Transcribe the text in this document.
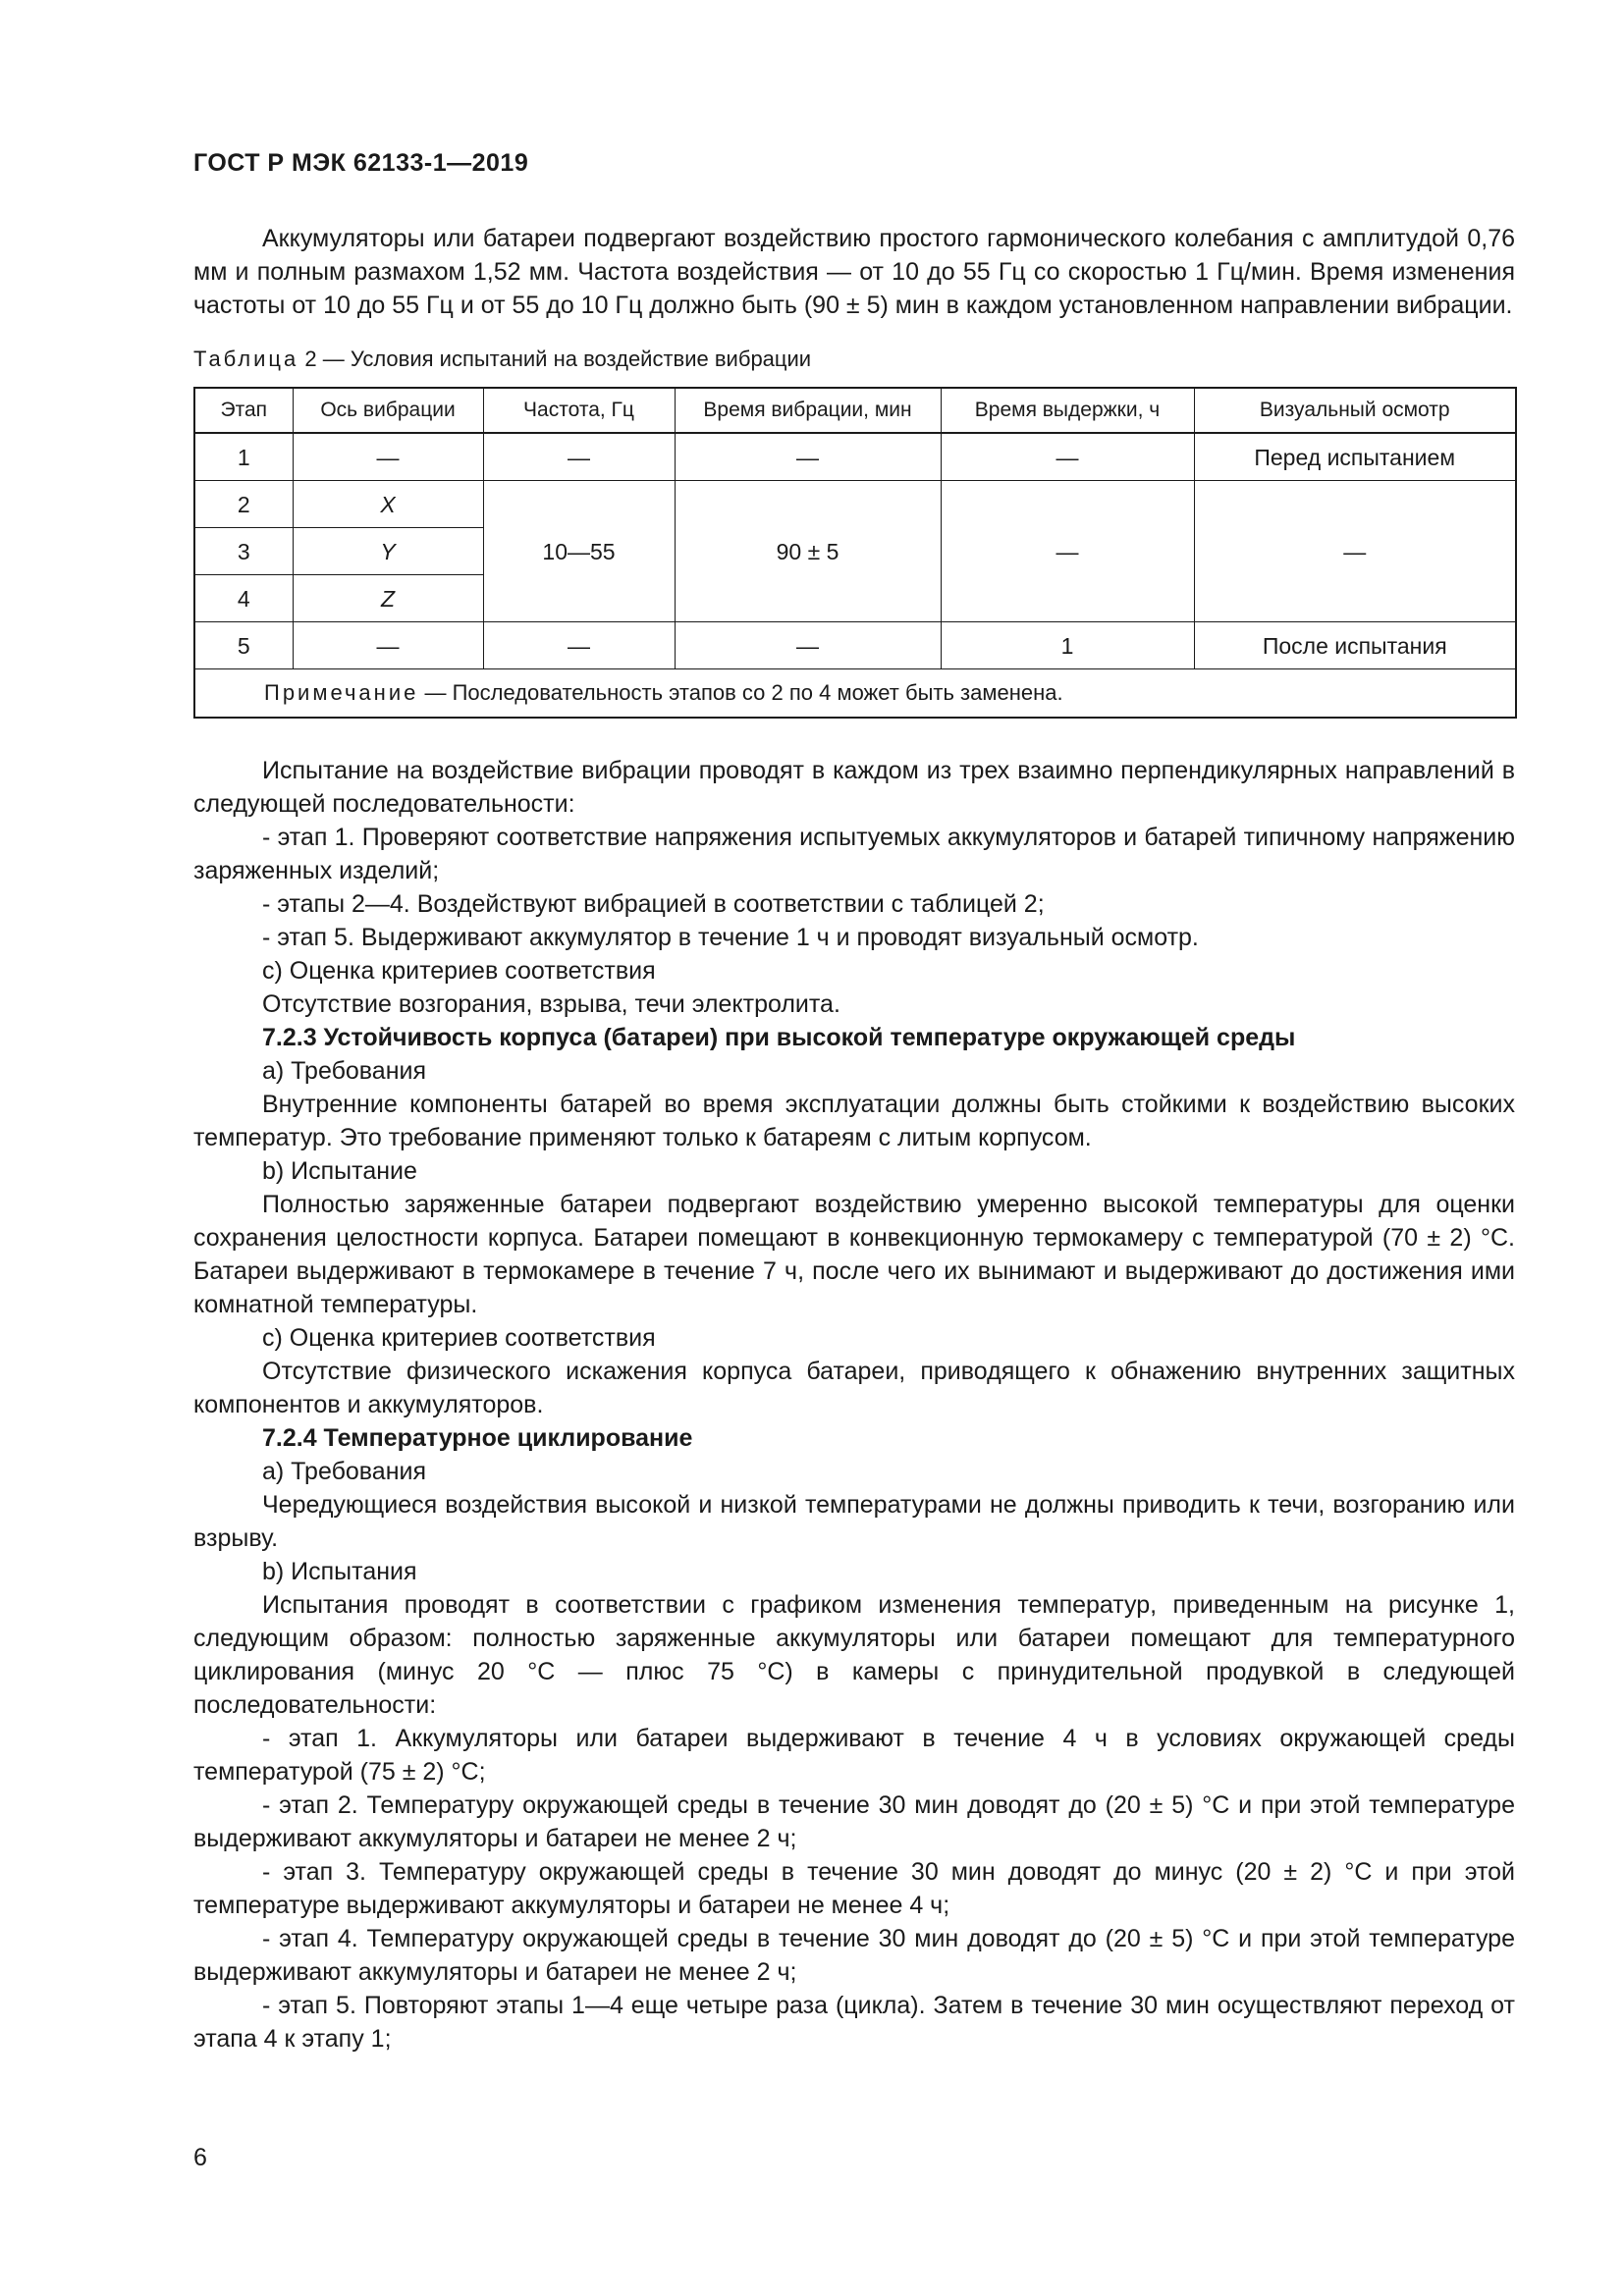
ГОСТ Р МЭК 62133-1—2019

Аккумуляторы или батареи подвергают воздействию простого гармонического колебания с амплитудой 0,76 мм и полным размахом 1,52 мм. Частота воздействия — от 10 до 55 Гц со скоростью 1 Гц/мин. Время изменения частоты от 10 до 55 Гц и от 55 до 10 Гц должно быть (90 ± 5) мин в каждом установленном направлении вибрации.

Таблица 2 — Условия испытаний на воздействие вибрации
Этап	Ось вибрации	Частота, Гц	Время вибрации, мин	Время выдержки, ч	Визуальный осмотр
1	—	—	—	—	Перед испытанием
2	X	10—55	90 ± 5	—	—
3	Y				
4	Z				
5	—	—	—	1	После испытания
Примечание — Последовательность этапов со 2 по 4 может быть заменена.					

Испытание на воздействие вибрации проводят в каждом из трех взаимно перпендикулярных направлений в следующей последовательности:

- этап 1. Проверяют соответствие напряжения испытуемых аккумуляторов и батарей типичному напряжению заряженных изделий;

- этапы 2—4. Воздействуют вибрацией в соответствии с таблицей 2;

- этап 5. Выдерживают аккумулятор в течение 1 ч и проводят визуальный осмотр.

c) Оценка критериев соответствия

Отсутствие возгорания, взрыва, течи электролита.

7.2.3 Устойчивость корпуса (батареи) при высокой температуре окружающей среды

a) Требования

Внутренние компоненты батарей во время эксплуатации должны быть стойкими к воздействию высоких температур. Это требование применяют только к батареям с литым корпусом.

b) Испытание

Полностью заряженные батареи подвергают воздействию умеренно высокой температуры для оценки сохранения целостности корпуса. Батареи помещают в конвекционную термокамеру с температурой (70 ± 2) °C. Батареи выдерживают в термокамере в течение 7 ч, после чего их вынимают и выдерживают до достижения ими комнатной температуры.

c) Оценка критериев соответствия

Отсутствие физического искажения корпуса батареи, приводящего к обнажению внутренних защитных компонентов и аккумуляторов.

7.2.4 Температурное циклирование

a) Требования

Чередующиеся воздействия высокой и низкой температурами не должны приводить к течи, возгоранию или взрыву.

b) Испытания

Испытания проводят в соответствии с графиком изменения температур, приведенным на рисунке 1, следующим образом: полностью заряженные аккумуляторы или батареи помещают для температурного циклирования (минус 20 °C — плюс 75 °C) в камеры с принудительной продувкой в следующей последовательности:

- этап 1. Аккумуляторы или батареи выдерживают в течение 4 ч в условиях окружающей среды температурой (75 ± 2) °C;

- этап 2. Температуру окружающей среды в течение 30 мин доводят до (20 ± 5) °C и при этой температуре выдерживают аккумуляторы и батареи не менее 2 ч;

- этап 3. Температуру окружающей среды в течение 30 мин доводят до минус (20 ± 2) °C и при этой температуре выдерживают аккумуляторы и батареи не менее 4 ч;

- этап 4. Температуру окружающей среды в течение 30 мин доводят до (20 ± 5) °C и при этой температуре выдерживают аккумуляторы и батареи не менее 2 ч;

- этап 5. Повторяют этапы 1—4 еще четыре раза (цикла). Затем в течение 30 мин осуществляют переход от этапа 4 к этапу 1;

6
